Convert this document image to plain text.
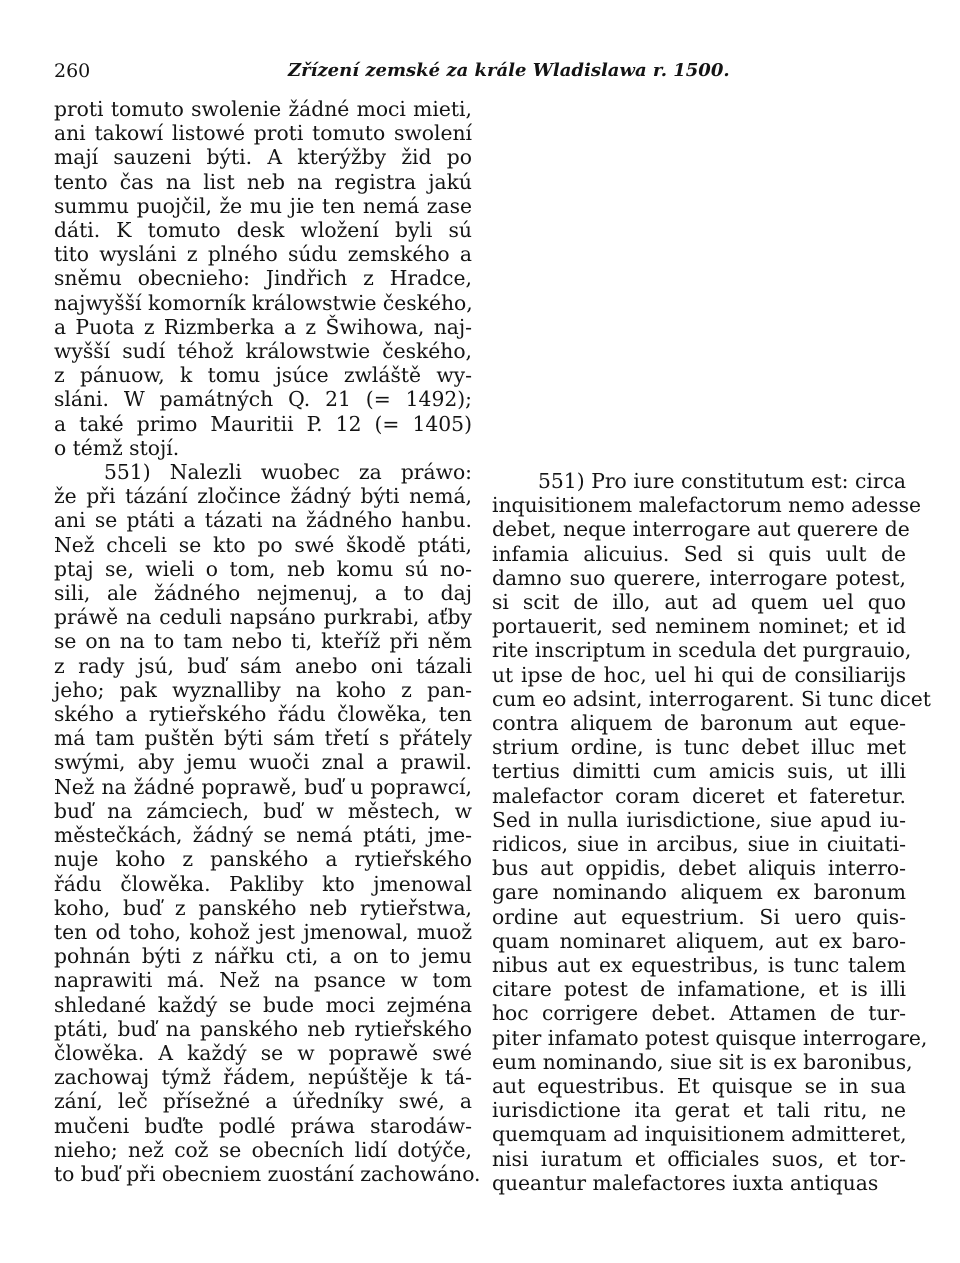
260	Zřízení zemské za krále Wladislawa r. 1500.
proti tomuto swolenie žádné moci mieti,
ani takowí listowé proti tomuto swolení
mají sauzeni býti. A kterýžby žid po
tento čas na list neb na registra jakú
summu puojčil, že mu jie ten nemá zase
dáti. K tomuto desk wložení byli sú
tito wysláni z plného súdu zemského a
sněmu obecnieho: Jindřich z Hradce,
najwyšší komorník králowstwie českého,
a Puota z Rizmberka a z Šwihowa, naj-
wyšší sudí téhož králowstwie českého,
z pánuow, k tomu jsúce zwláště wy-
sláni. W památných Q. 21 (= 1492);
a také primo Mauritii P. 12 (= 1405)
o témž stojí.
551) Nalezli wuobec za práwo:
že při tázání zločince žádný býti nemá,
ani se ptáti a tázati na žádného hanbu.
Než chceli se kto po swé škodě ptáti,
ptaj se, wieli o tom, neb komu sú no-
sili, ale žádného nejmenuj, a to daj
práwě na ceduli napsáno purkrabi, aťby
se on na to tam nebo ti, kteříž při něm
z rady jsú, buď sám anebo oni tázali
jeho; pak wyznalliby na koho z pan-
ského a rytieřského řádu člowěka, ten
má tam puštěn býti sám třetí s přátely
swými, aby jemu wuoči znal a prawil.
Než na žádné poprawě, buď u poprawcí,
buď na zámciech, buď w městech, w
městečkách, žádný se nemá ptáti, jme-
nuje koho z panského a rytieřského
řádu člowěka. Pakliby kto jmenowal
koho, buď z panského neb rytieřstwa,
ten od toho, kohož jest jmenowal, muož
pohnán býti z nářku cti, a on to jemu
naprawiti má. Než na psance w tom
shledané každý se bude moci zejména
ptáti, buď na panského neb rytieřského
člowěka. A každý se w poprawě swé
zachowaj týmž řádem, nepúštěje k tá-
zání, leč přísežné a úředníky swé, a
mučeni buďte podlé práwa starodáw-
nieho; než což se obecních lidí dotýče,
to buď při obecniem zuostání zachowáno.
551) Pro iure constitutum est: circa
inquisitionem malefactorum nemo adesse
debet, neque interrogare aut querere de
infamia alicuius. Sed si quis uult de
damno suo querere, interrogare potest,
si scit de illo, aut ad quem uel quo
portauerit, sed neminem nominet; et id
rite inscriptum in scedula det purgrauio,
ut ipse de hoc, uel hi qui de consiliarijs
cum eo adsint, interrogarent. Si tunc dicet
contra aliquem de baronum aut eque-
strium ordine, is tunc debet illuc met
tertius dimitti cum amicis suis, ut illi
malefactor coram diceret et fateretur.
Sed in nulla iurisdictione, siue apud iu-
ridicos, siue in arcibus, siue in ciuitati-
bus aut oppidis, debet aliquis interro-
gare nominando aliquem ex baronum
ordine aut equestrium. Si uero quis-
quam nominaret aliquem, aut ex baro-
nibus aut ex equestribus, is tunc talem
citare potest de infamatione, et is illi
hoc corrigere debet. Attamen de tur-
piter infamato potest quisque interrogare,
eum nominando, siue sit is ex baronibus,
aut equestribus. Et quisque se in sua
iurisdictione ita gerat et tali ritu, ne
quemquam ad inquisitionem admitteret,
nisi iuratum et officiales suos, et tor-
queantur malefactores iuxta antiquas
